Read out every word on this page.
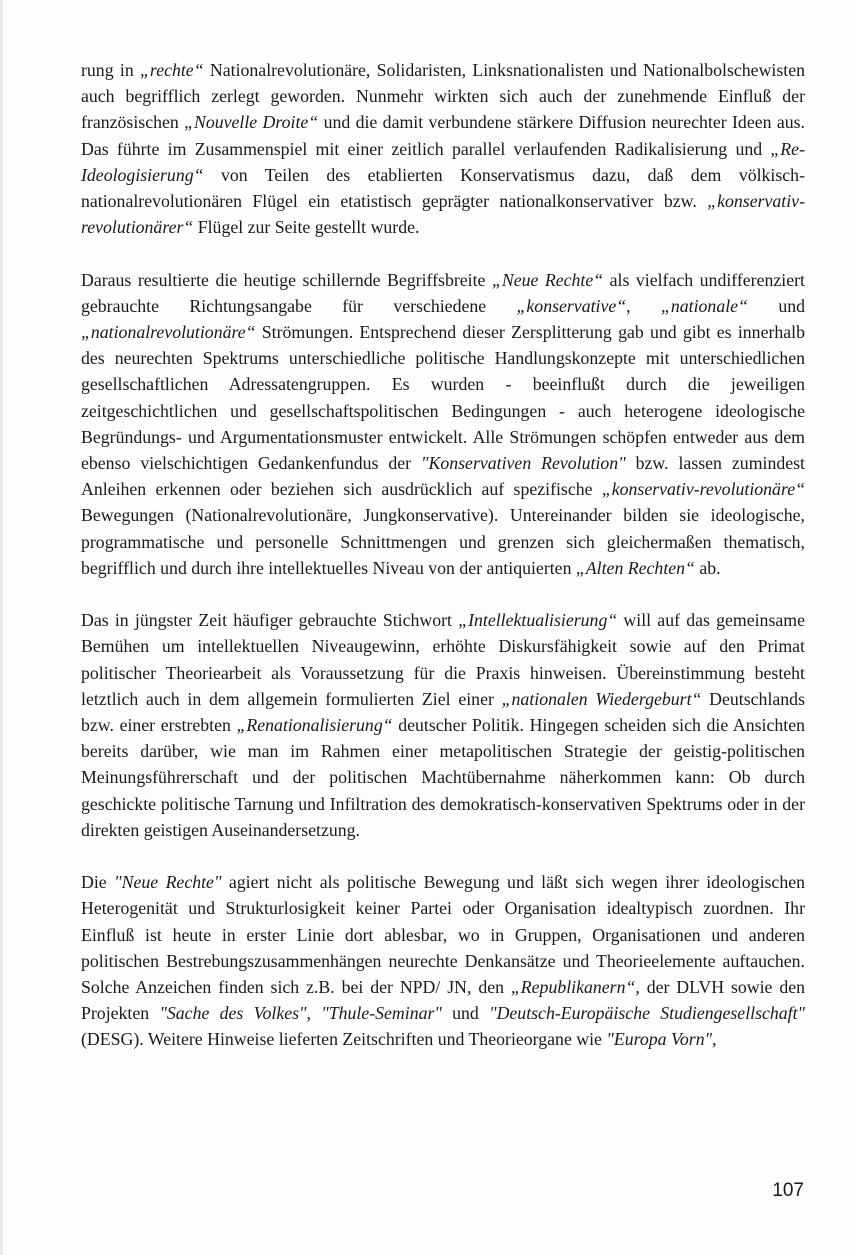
rung in „rechte“ Nationalrevolutionäre, Solidaristen, Linksnationalisten und Nationalbolschewisten auch begrifflich zerlegt geworden. Nunmehr wirkten sich auch der zunehmende Einfluß der französischen „Nouvelle Droite“ und die damit verbundene stärkere Diffusion neurechter Ideen aus. Das führte im Zusammenspiel mit einer zeitlich parallel verlaufenden Radikalisierung und „Re-Ideologisierung“ von Teilen des etablierten Konservatismus dazu, daß dem völkisch-nationalrevolutionären Flügel ein etatistisch geprägter nationalkonservativer bzw. „konservativ-revolutionärer“ Flügel zur Seite gestellt wurde.

Daraus resultierte die heutige schillernde Begriffsbreite „Neue Rechte“ als vielfach undifferenziert gebrauchte Richtungsangabe für verschiedene „konservative“, „nationale“ und „nationalrevolutionäre“ Strömungen. Entsprechend dieser Zersplitterung gab und gibt es innerhalb des neurechten Spektrums unterschiedliche politische Handlungskonzepte mit unterschiedlichen gesellschaftlichen Adressatengruppen. Es wurden - beeinflußt durch die jeweiligen zeitgeschichtlichen und gesellschaftspolitischen Bedingungen - auch heterogene ideologische Begründungs- und Argumentationsmuster entwickelt. Alle Strömungen schöpfen entweder aus dem ebenso vielschichtigen Gedankenfundus der "Konservativen Revolution" bzw. lassen zumindest Anleihen erkennen oder beziehen sich ausdrücklich auf spezifische „konservativ-revolutionäre“ Bewegungen (Nationalrevolutionäre, Jungkonservative). Untereinander bilden sie ideologische, programmatische und personelle Schnittmengen und grenzen sich gleichermaßen thematisch, begrifflich und durch ihre intellektuelles Niveau von der antiquierten „Alten Rechten“ ab.

Das in jüngster Zeit häufiger gebrauchte Stichwort „Intellektualisierung“ will auf das gemeinsame Bemühen um intellektuellen Niveaugewinn, erhöhte Diskursfähigkeit sowie auf den Primat politischer Theoriearbeit als Voraussetzung für die Praxis hinweisen. Übereinstimmung besteht letztlich auch in dem allgemein formulierten Ziel einer „nationalen Wiedergeburt“ Deutschlands bzw. einer erstrebten „Renationalisierung“ deutscher Politik. Hingegen scheiden sich die Ansichten bereits darüber, wie man im Rahmen einer metapolitischen Strategie der geistig-politischen Meinungsführerschaft und der politischen Machtübernahme näherkommen kann: Ob durch geschickte politische Tarnung und Infiltration des demokratisch-konservativen Spektrums oder in der direkten geistigen Auseinandersetzung.

Die "Neue Rechte" agiert nicht als politische Bewegung und läßt sich wegen ihrer ideologischen Heterogenität und Strukturlosigkeit keiner Partei oder Organisation idealtypisch zuordnen. Ihr Einfluß ist heute in erster Linie dort ablesbar, wo in Gruppen, Organisationen und anderen politischen Bestrebungszusammenhängen neurechte Denkansätze und Theorieelemente auftauchen. Solche Anzeichen finden sich z.B. bei der NPD/ JN, den „Republikanern“, der DLVH sowie den Projekten "Sache des Volkes", "Thule-Seminar" und "Deutsch-Europäische Studiengesellschaft" (DESG). Weitere Hinweise lieferten Zeitschriften und Theorieorgane wie "Europa Vorn",

107
